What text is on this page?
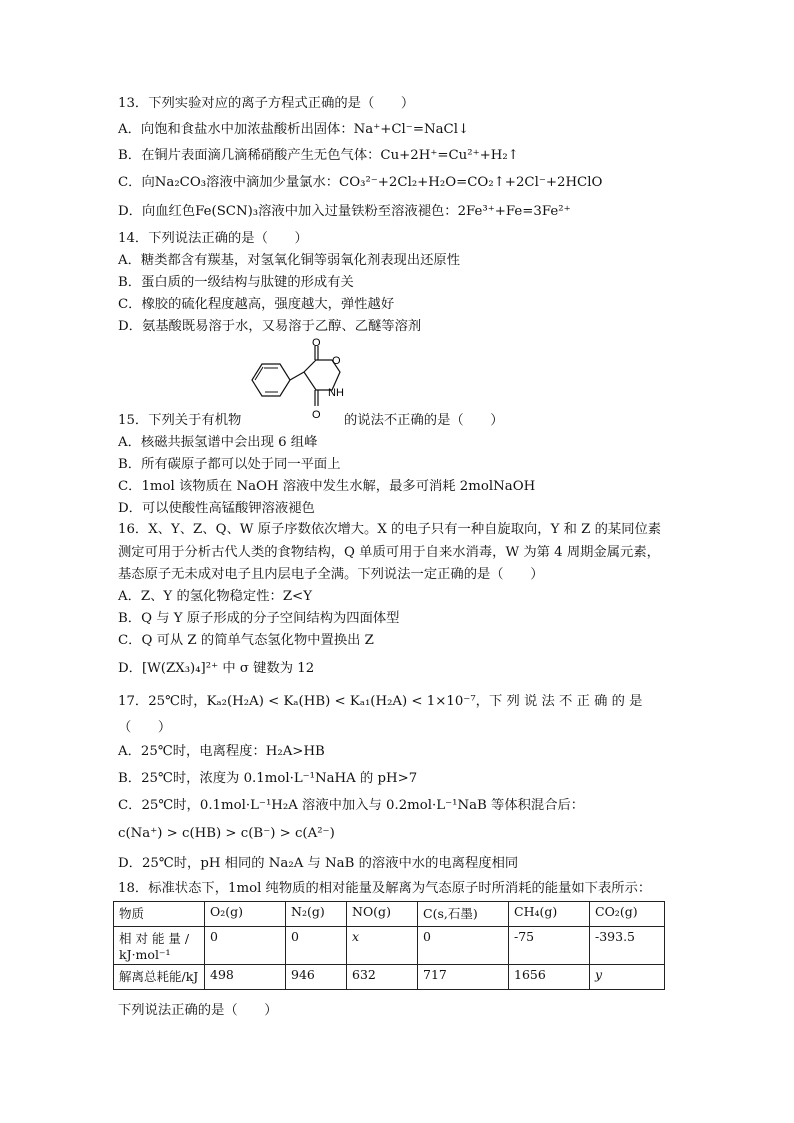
13．下列实验对应的离子方程式正确的是（　　）
A．向饱和食盐水中加浓盐酸析出固体：Na⁺+Cl⁻=NaCl↓
B．在铜片表面滴几滴稀硝酸产生无色气体：Cu+2H⁺=Cu²⁺+H₂↑
C．向Na₂CO₃溶液中滴加少量氯水：CO₃²⁻+2Cl₂+H₂O=CO₂↑+2Cl⁻+2HClO
D．向血红色Fe(SCN)₃溶液中加入过量铁粉至溶液褪色：2Fe³⁺+Fe=3Fe²⁺
14．下列说法正确的是（　　）
A．糖类都含有羰基，对氢氧化铜等弱氧化剂表现出还原性
B．蛋白质的一级结构与肽键的形成有关
C．橡胶的硫化程度越高，强度越大，弹性越好
D．氨基酸既易溶于水，又易溶于乙醇、乙醚等溶剂
O
O
NH
O
15．下列关于有机物	的说法不正确的是（　　）
A．核磁共振氢谱中会出现 6 组峰
B．所有碳原子都可以处于同一平面上
C．1mol 该物质在 NaOH 溶液中发生水解，最多可消耗 2molNaOH
D．可以使酸性高锰酸钾溶液褪色
16．X、Y、Z、Q、W 原子序数依次增大。X 的电子只有一种自旋取向，Y 和 Z 的某同位素
测定可用于分析古代人类的食物结构，Q 单质可用于自来水消毒，W 为第 4 周期金属元素，
基态原子无未成对电子且内层电子全满。下列说法一定正确的是（　　）
A．Z、Y 的氢化物稳定性：Z<Y
B．Q 与 Y 原子形成的分子空间结构为四面体型
C．Q 可从 Z 的简单气态氢化物中置换出 Z
D．[W(ZX₃)₄]²⁺ 中 σ 键数为 12
17．25℃时，Kₐ₂(H₂A) < Kₐ(HB) < Kₐ₁(H₂A) < 1×10⁻⁷，下 列 说 法 不 正 确 的 是
（　　）
A．25℃时，电离程度：H₂A>HB
B．25℃时，浓度为 0.1mol·L⁻¹NaHA 的 pH>7
C．25℃时，0.1mol·L⁻¹H₂A 溶液中加入与 0.2mol·L⁻¹NaB 等体积混合后：
c(Na⁺) > c(HB) > c(B⁻) > c(A²⁻)
D．25℃时，pH 相同的 Na₂A 与 NaB 的溶液中水的电离程度相同
18．标准状态下，1mol 纯物质的相对能量及解离为气态原子时所消耗的能量如下表所示：
物质	O₂(g)	N₂(g)	NO(g)	C(s,石墨)	CH₄(g)	CO₂(g)

相 对 能 量 /
kJ·mol⁻¹	0	0	x	0	-75	-393.5
解离总耗能/kJ	498	946	632	717	1656	y
下列说法正确的是（　　）
